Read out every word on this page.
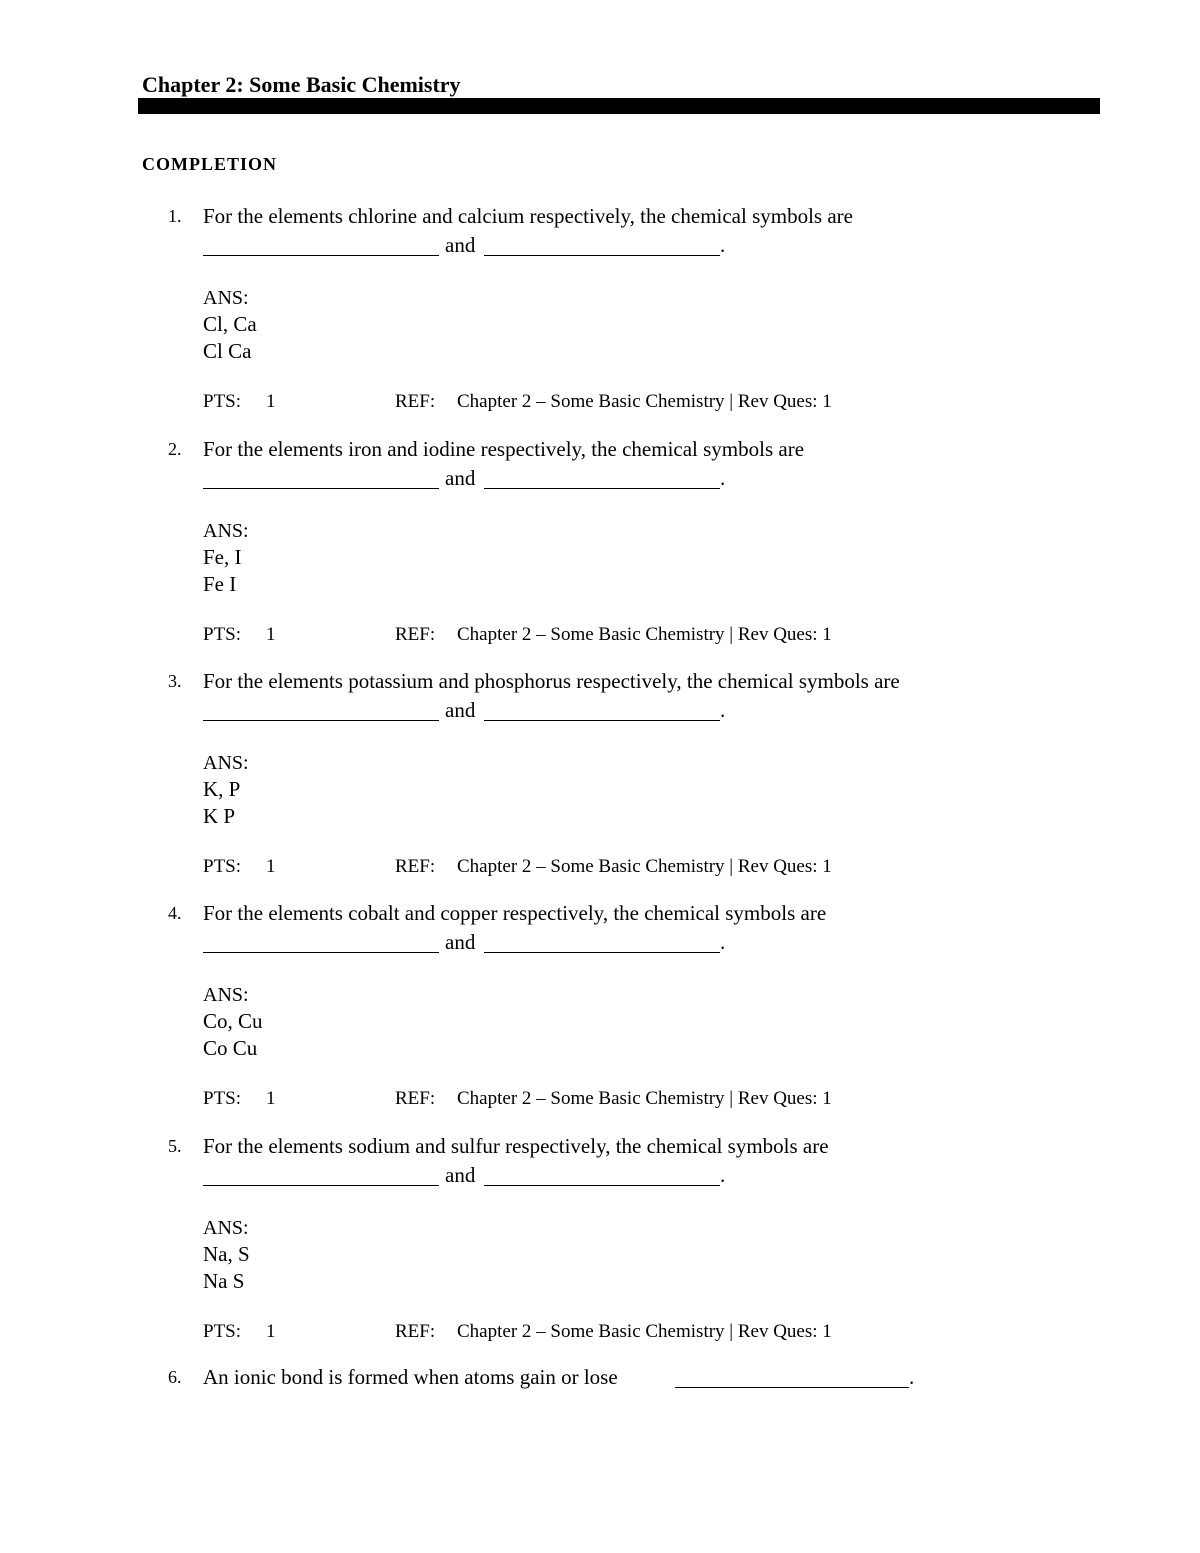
Chapter 2: Some Basic Chemistry
COMPLETION
1. For the elements chlorine and calcium respectively, the chemical symbols are
and	.
ANS:
Cl, Ca
Cl Ca
PTS: 1	REF: Chapter 2 – Some Basic Chemistry | Rev Ques: 1
2. For the elements iron and iodine respectively, the chemical symbols are
and	.
ANS:
Fe, I
Fe I
PTS: 1	REF: Chapter 2 – Some Basic Chemistry | Rev Ques: 1
3. For the elements potassium and phosphorus respectively, the chemical symbols are
and	.
ANS:
K, P
K P
PTS: 1	REF: Chapter 2 – Some Basic Chemistry | Rev Ques: 1
4. For the elements cobalt and copper respectively, the chemical symbols are
and	.
ANS:
Co, Cu
Co Cu
PTS: 1	REF: Chapter 2 – Some Basic Chemistry | Rev Ques: 1
5. For the elements sodium and sulfur respectively, the chemical symbols are
and	.
ANS:
Na, S
Na S
PTS: 1	REF: Chapter 2 – Some Basic Chemistry | Rev Ques: 1
6. An ionic bond is formed when atoms gain or lose	.
